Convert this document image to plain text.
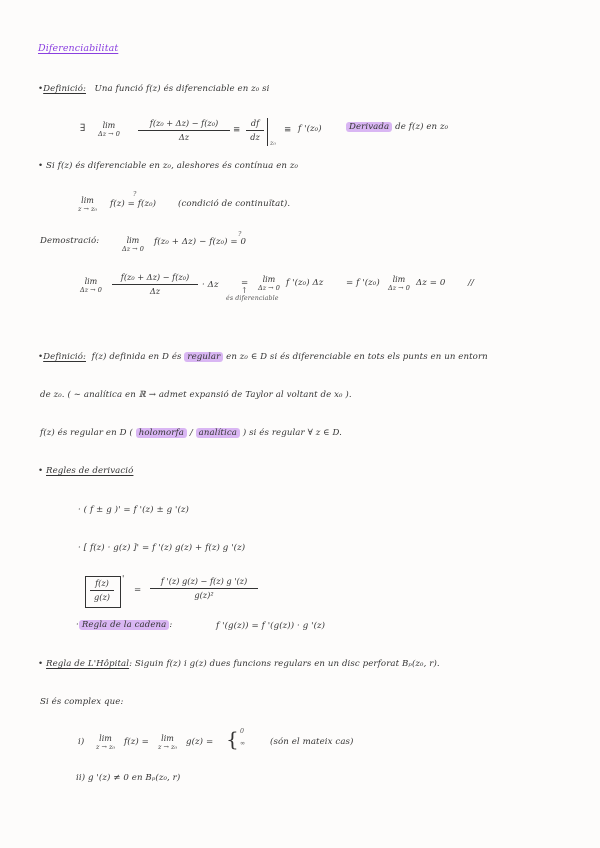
Diferenciabilitat
•Definició: Una funció f(z) és diferenciable en z₀ si
∃ lim
Δz → 0
f(z₀ + Δz) − f(z₀)
Δz
≡
df
dz
z₀
≡ f '(z₀)	Derivada de f(z) en z₀
• Si f(z) és diferenciable en z₀, aleshores és contínua en z₀
lim
z → z₀
?
f(z) = f(z₀)	(condició de continuïtat).
Demostració:	lim
Δz → 0
?
f(z₀ + Δz) − f(z₀) = 0
lim
Δz → 0
f(z₀ + Δz) − f(z₀)
Δz
· Δz	= lim
Δz → 0 f '(z₀) Δz	= f '(z₀) lim
Δz → 0 Δz = 0	//
↑
és diferenciable
•Definició: f(z) definida en D és regular en z₀ ∈ D si és diferenciable en tots els punts en un entorn
de z₀. ( ∼ analítica en ℝ → admet expansió de Taylor al voltant de x₀ ).
f(z) és regular en D ( holomorfa / analítica ) si és regular ∀ z ∈ D.
• Regles de derivació
· ( f ± g )' = f '(z) ± g '(z)
· [ f(z) · g(z) ]' = f '(z) g(z) + f(z) g '(z)
f(z)
g(z)
'
=
f '(z) g(z) − f(z) g '(z)
g(z)²
· Regla de la cadena :	f '(g(z)) = f '(g(z)) · g '(z)
• Regla de L'Hôpital: Siguin f(z) i g(z) dues funcions regulars en un disc perforat Bₚ(z₀, r).
Si és complex que:
i) lim
z → z₀ f(z) = lim
z → z₀ g(z) = { 0
∞	(són el mateix cas)
ii) g '(z) ≠ 0 en Bₚ(z₀, r)
